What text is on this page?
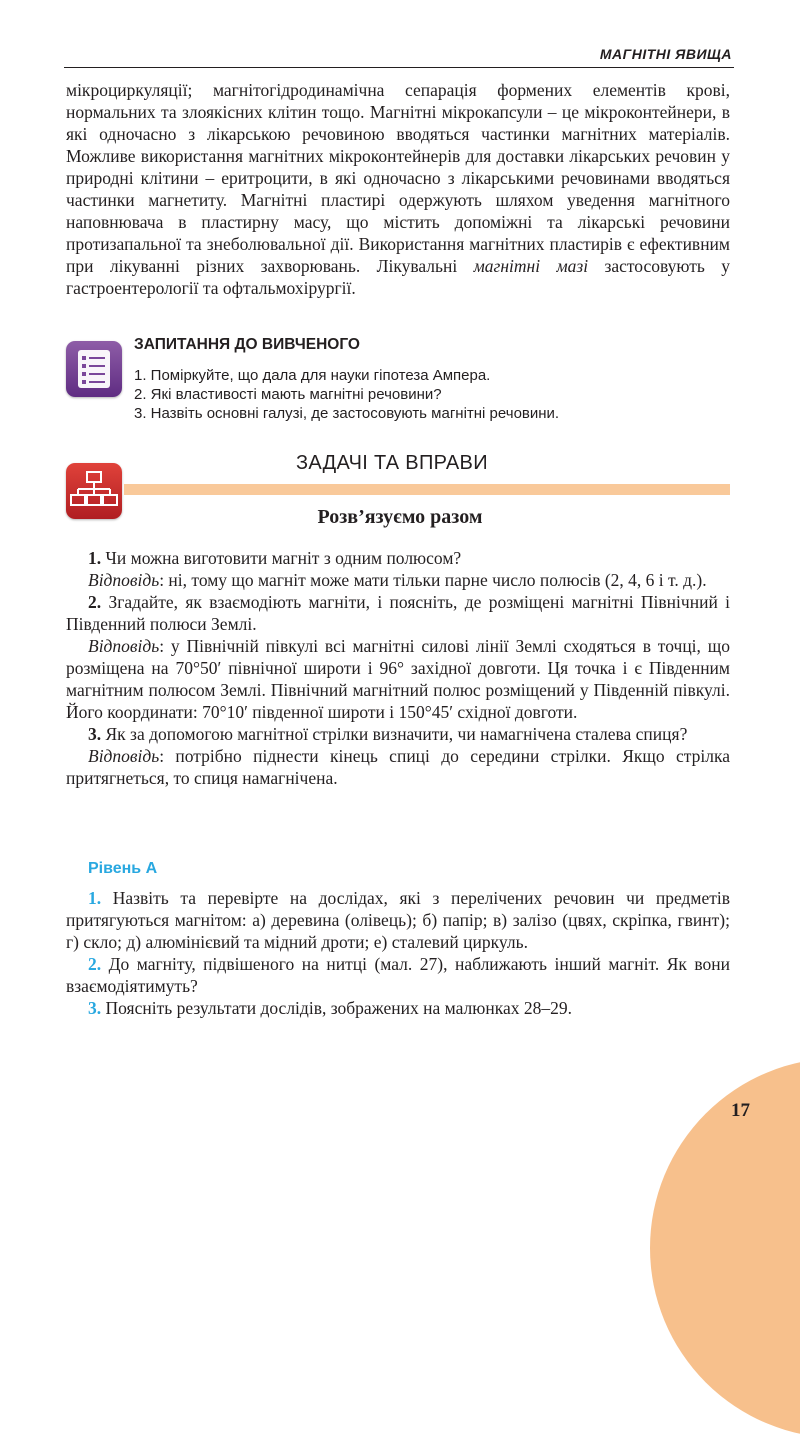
МАГНІТНІ ЯВИЩА

мікроциркуляції; магнітогідродинамічна сепарація формених елементів крові, нормальних та злоякісних клітин тощо. Магнітні мікрокапсули – це мікроконтейнери, в які одночасно з лікарською речовиною вводяться частинки магнітних матеріалів. Можливе використання магнітних мікроконтейнерів для доставки лікарських речовин у природні клітини – еритроцити, в які одночасно з лікарськими речовинами вводяться частинки магнетиту. Магнітні пластирі одержують шляхом уведення магнітного наповнювача в пластирну масу, що містить допоміжні та лікарські речовини протизапальної та знеболювальної дії. Використання магнітних пластирів є ефективним при лікуванні різних захворювань. Лікувальні магнітні мазі застосовують у гастроентерології та офтальмохірургії.

ЗАПИТАННЯ ДО ВИВЧЕНОГО
1. Поміркуйте, що дала для науки гіпотеза Ампера.
2. Які властивості мають магнітні речовини?
3. Назвіть основні галузі, де застосовують магнітні речовини.
ЗАДАЧІ ТА ВПРАВИ
Розв’язуємо разом

1. Чи можна виготовити магніт з одним полюсом?

Відповідь: ні, тому що магніт може мати тільки парне число полюсів (2, 4, 6 і т. д.).

2. Згадайте, як взаємодіють магніти, і поясніть, де розміщені магнітні Північний і Південний полюси Землі.

Відповідь: у Північній півкулі всі магнітні силові лінії Землі сходяться в точці, що розміщена на 70°50′ північної широти і 96° західної довготи. Ця точка і є Південним магнітним полюсом Землі. Північний магнітний полюс розміщений у Південній півкулі. Його координати: 70°10′ південної широти і 150°45′ східної довготи.

3. Як за допомогою магнітної стрілки визначити, чи намагнічена сталева спиця?

Відповідь: потрібно піднести кінець спиці до середини стрілки. Якщо стрілка притягнеться, то спиця намагнічена.

Рівень А

1. Назвіть та перевірте на дослідах, які з перелічених речовин чи предметів притягуються магнітом: а) деревина (олівець); б) папір; в) залізо (цвях, скріпка, гвинт); г) скло; д) алюмінієвий та мідний дроти; е) сталевий циркуль.

2. До магніту, підвішеного на нитці (мал. 27), наближають інший магніт. Як вони взаємодіятимуть?

3. Поясніть результати дослідів, зображених на малюнках 28–29.

17
